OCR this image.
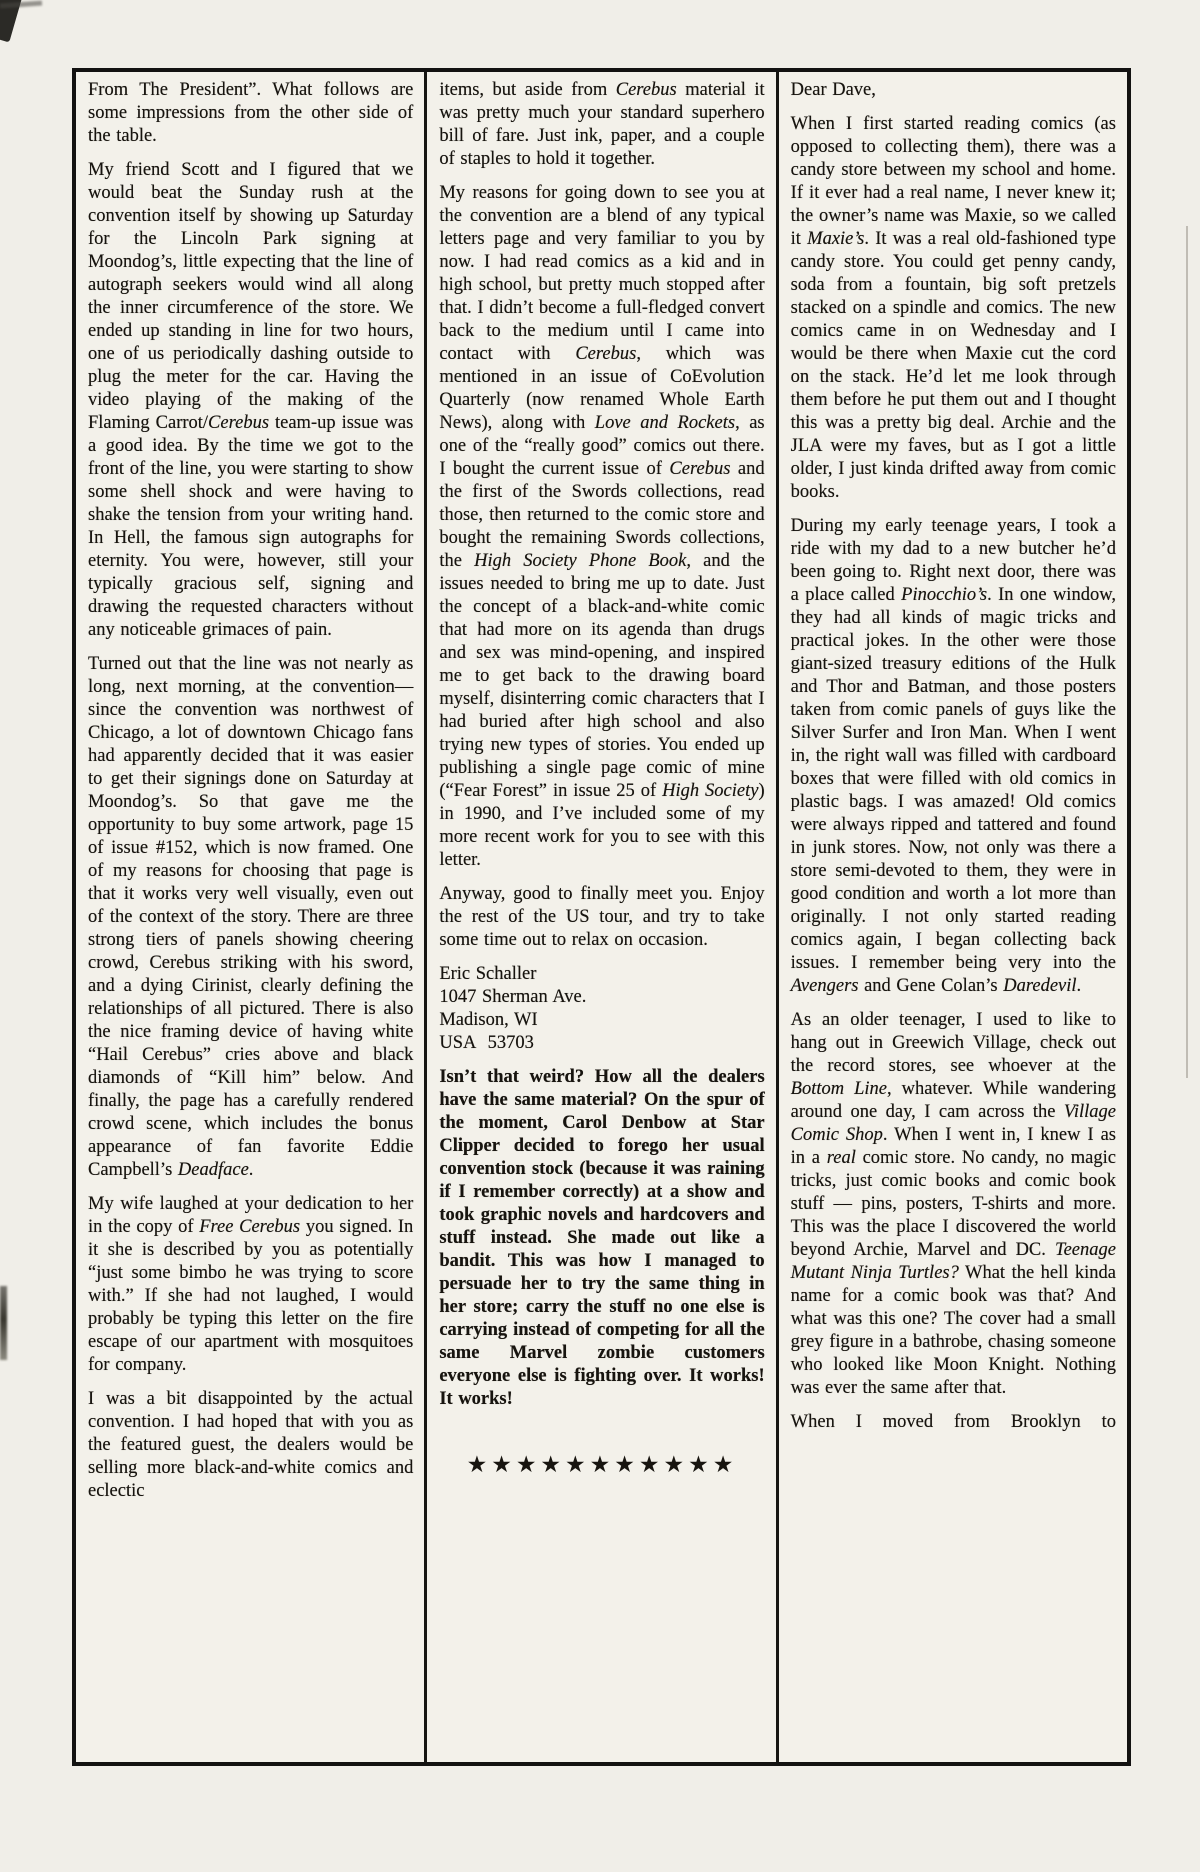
From The President”. What follows are some impressions from the other side of the table.

My friend Scott and I figured that we would beat the Sunday rush at the convention itself by showing up Saturday for the Lincoln Park signing at Moondog’s, little expecting that the line of autograph seekers would wind all along the inner circumference of the store. We ended up standing in line for two hours, one of us periodically dashing outside to plug the meter for the car. Having the video playing of the making of the Flaming Carrot/Cerebus team-up issue was a good idea. By the time we got to the front of the line, you were starting to show some shell shock and were having to shake the tension from your writing hand. In Hell, the famous sign autographs for eternity. You were, however, still your typically gracious self, signing and drawing the requested characters without any noticeable grimaces of pain.

Turned out that the line was not nearly as long, next morning, at the convention—since the convention was northwest of Chicago, a lot of downtown Chicago fans had apparently decided that it was easier to get their signings done on Saturday at Moondog’s. So that gave me the opportunity to buy some artwork, page 15 of issue #152, which is now framed. One of my reasons for choosing that page is that it works very well visually, even out of the context of the story. There are three strong tiers of panels showing cheering crowd, Cerebus striking with his sword, and a dying Cirinist, clearly defining the relationships of all pictured. There is also the nice framing device of having white “Hail Cerebus” cries above and black diamonds of “Kill him” below. And finally, the page has a carefully rendered crowd scene, which includes the bonus appearance of fan favorite Eddie Campbell’s Deadface.

My wife laughed at your dedication to her in the copy of Free Cerebus you signed. In it she is described by you as potentially “just some bimbo he was trying to score with.” If she had not laughed, I would probably be typing this letter on the fire escape of our apartment with mosquitoes for company.

I was a bit disappointed by the actual convention. I had hoped that with you as the featured guest, the dealers would be selling more black-and-white comics and eclectic

items, but aside from Cerebus material it was pretty much your standard superhero bill of fare. Just ink, paper, and a couple of staples to hold it together.

My reasons for going down to see you at the convention are a blend of any typical letters page and very familiar to you by now. I had read comics as a kid and in high school, but pretty much stopped after that. I didn’t become a full-fledged convert back to the medium until I came into contact with Cerebus, which was mentioned in an issue of CoEvolution Quarterly (now renamed Whole Earth News), along with Love and Rockets, as one of the “really good” comics out there. I bought the current issue of Cerebus and the first of the Swords collections, read those, then returned to the comic store and bought the remaining Swords collections, the High Society Phone Book, and the issues needed to bring me up to date. Just the concept of a black-and-white comic that had more on its agenda than drugs and sex was mind-opening, and inspired me to get back to the drawing board myself, disinterring comic characters that I had buried after high school and also trying new types of stories. You ended up publishing a single page comic of mine (“Fear Forest” in issue 25 of High Society) in 1990, and I’ve included some of my more recent work for you to see with this letter.

Anyway, good to finally meet you. Enjoy the rest of the US tour, and try to take some time out to relax on occasion.

Eric Schaller
1047 Sherman Ave.
Madison, WI
USA  53703

Isn’t that weird? How all the dealers have the same material? On the spur of the moment, Carol Denbow at Star Clipper decided to forego her usual convention stock (because it was raining if I remember correctly) at a show and took graphic novels and hardcovers and stuff instead. She made out like a bandit. This was how I managed to persuade her to try the same thing in her store; carry the stuff no one else is carrying instead of competing for all the same Marvel zombie customers everyone else is fighting over. It works! It works!

★★★★★★★★★★★

Dear Dave,

When I first started reading comics (as opposed to collecting them), there was a candy store between my school and home. If it ever had a real name, I never knew it; the owner’s name was Maxie, so we called it Maxie’s. It was a real old-fashioned type candy store. You could get penny candy, soda from a fountain, big soft pretzels stacked on a spindle and comics. The new comics came in on Wednesday and I would be there when Maxie cut the cord on the stack. He’d let me look through them before he put them out and I thought this was a pretty big deal. Archie and the JLA were my faves, but as I got a little older, I just kinda drifted away from comic books.

During my early teenage years, I took a ride with my dad to a new butcher he’d been going to. Right next door, there was a place called Pinocchio’s. In one window, they had all kinds of magic tricks and practical jokes. In the other were those giant-sized treasury editions of the Hulk and Thor and Batman, and those posters taken from comic panels of guys like the Silver Surfer and Iron Man. When I went in, the right wall was filled with cardboard boxes that were filled with old comics in plastic bags. I was amazed! Old comics were always ripped and tattered and found in junk stores. Now, not only was there a store semi-devoted to them, they were in good condition and worth a lot more than originally. I not only started reading comics again, I began collecting back issues. I remember being very into the Avengers and Gene Colan’s Daredevil.

As an older teenager, I used to like to hang out in Greewich Village, check out the record stores, see whoever at the Bottom Line, whatever. While wandering around one day, I cam across the Village Comic Shop. When I went in, I knew I as in a real comic store. No candy, no magic tricks, just comic books and comic book stuff — pins, posters, T-shirts and more. This was the place I discovered the world beyond Archie, Marvel and DC. Teenage Mutant Ninja Turtles? What the hell kinda name for a comic book was that? And what was this one? The cover had a small grey figure in a bathrobe, chasing someone who looked like Moon Knight. Nothing was ever the same after that.

When I moved from Brooklyn to
